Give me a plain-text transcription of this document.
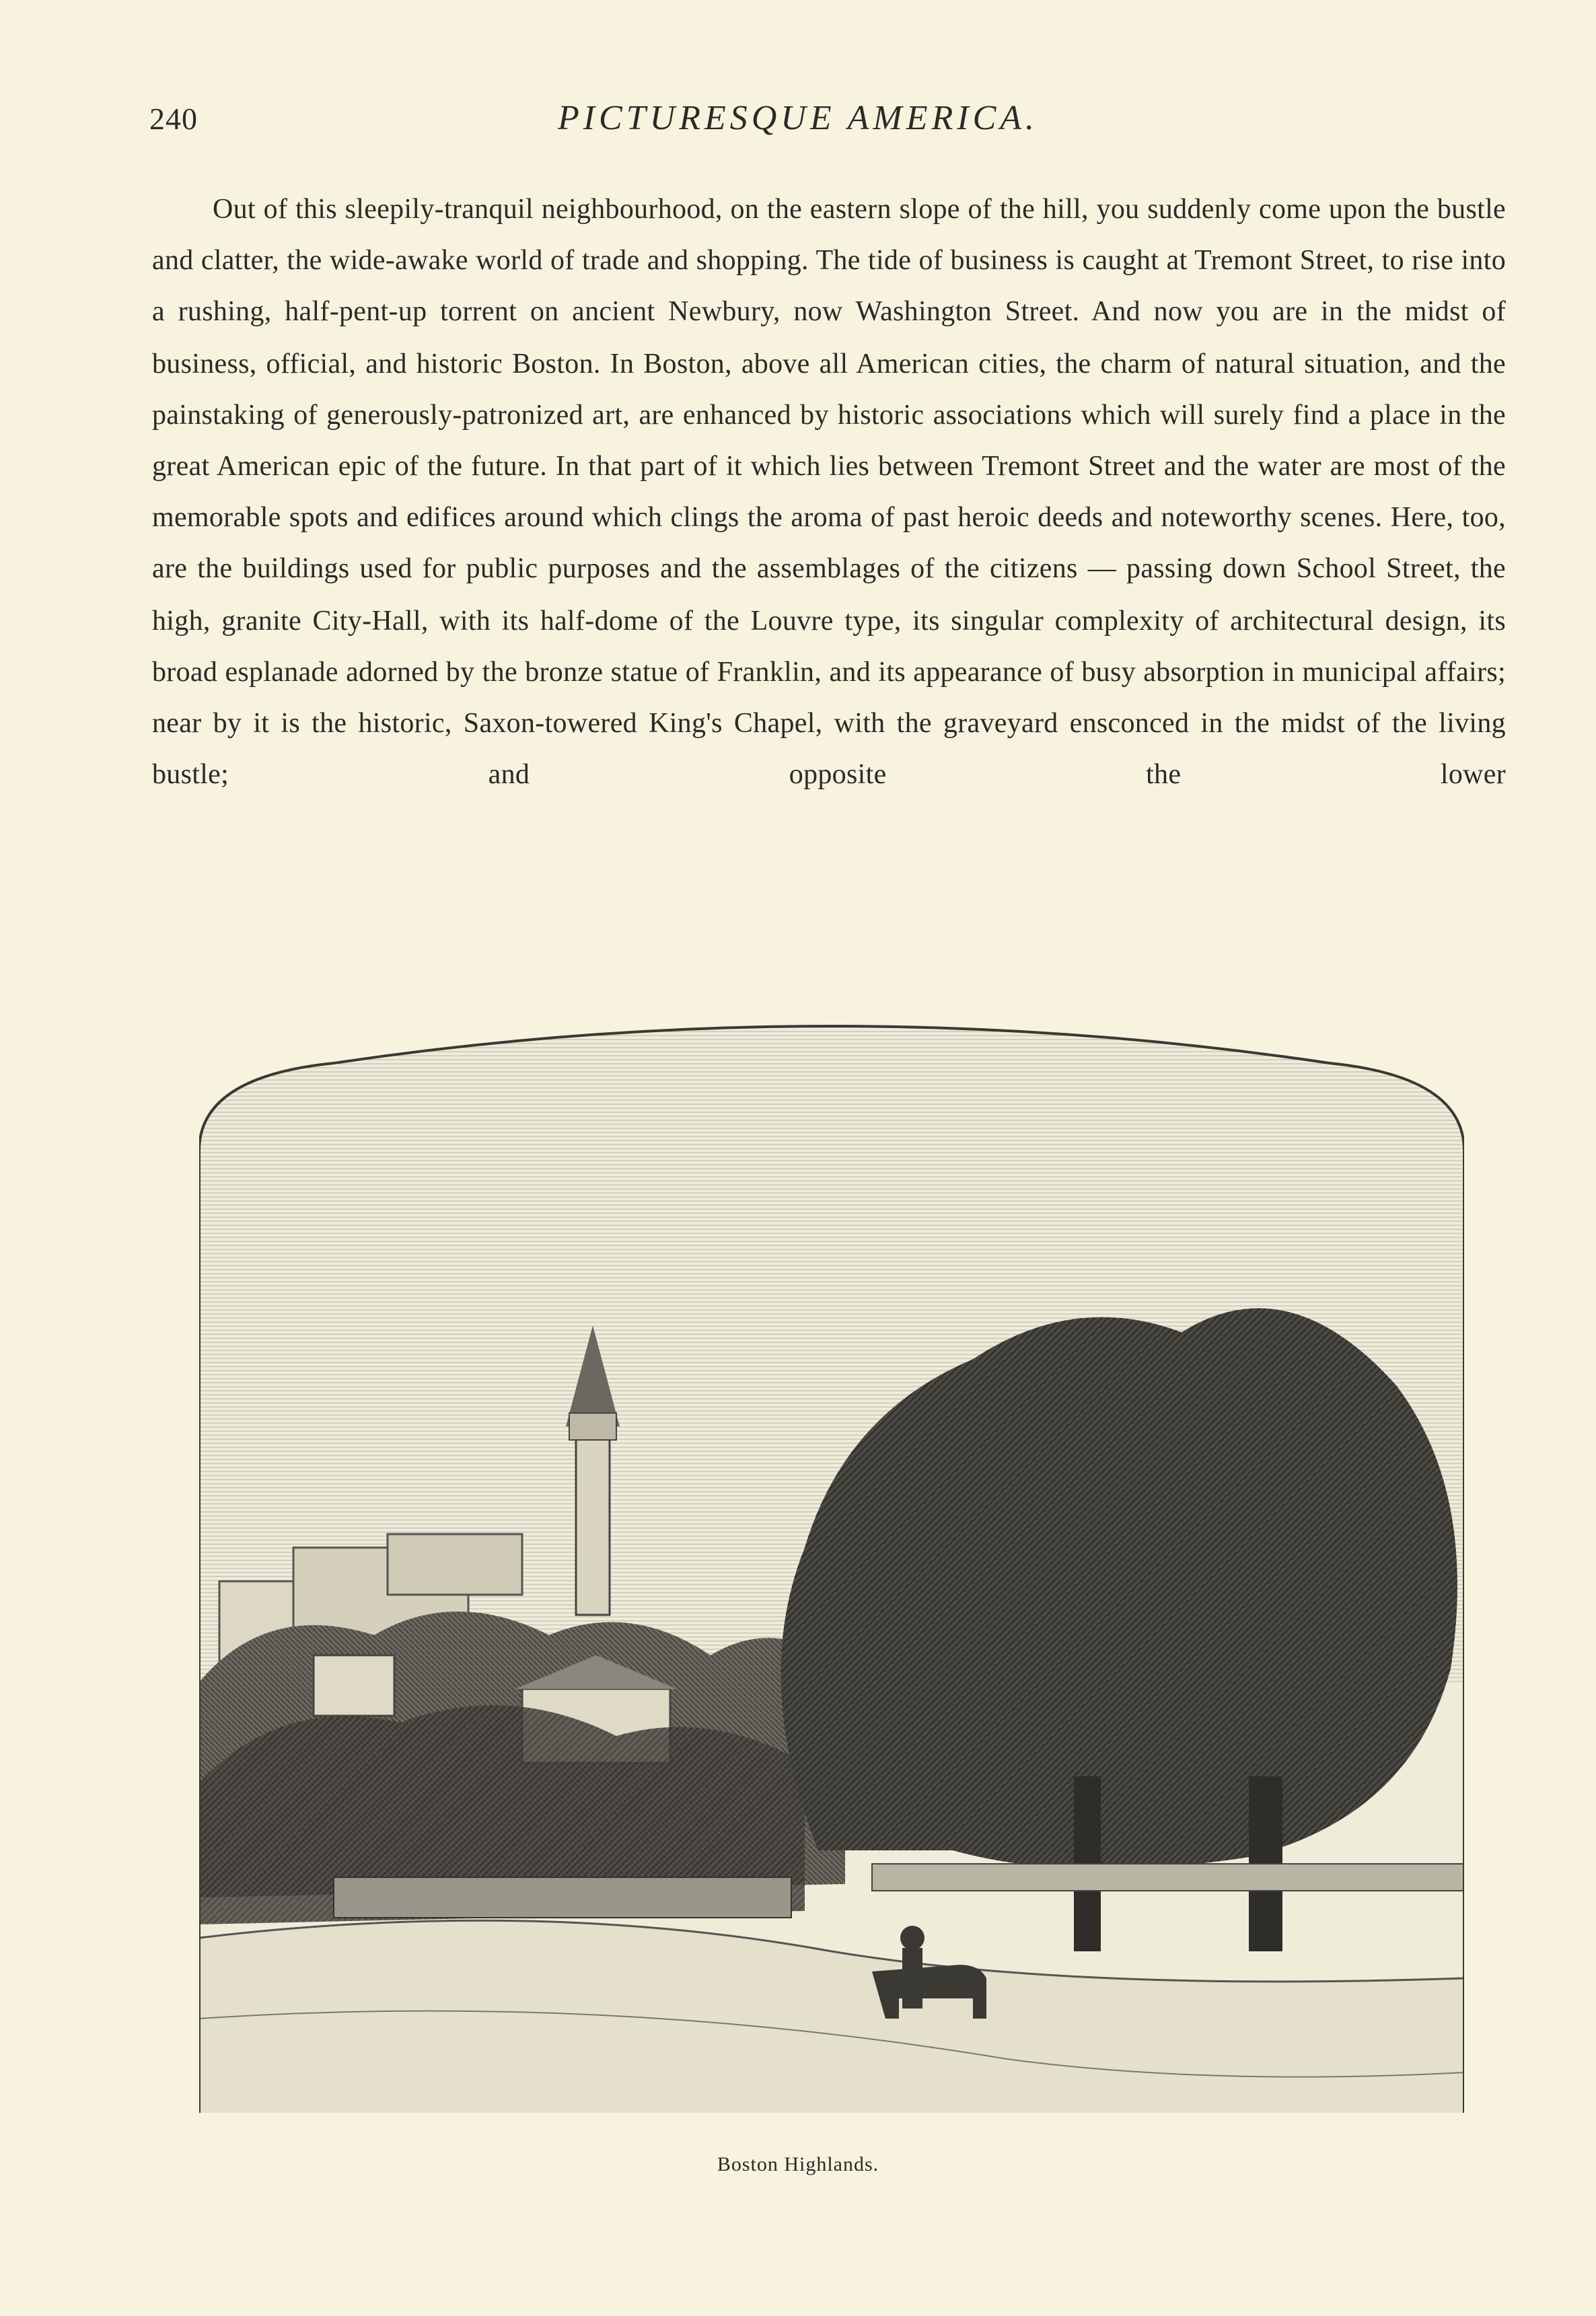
240	PICTURESQUE AMERICA.

Out of this sleepily-tranquil neighbourhood, on the eastern slope of the hill, you suddenly come upon the bustle and clatter, the wide-awake world of trade and shopping. The tide of business is caught at Tremont Street, to rise into a rushing, half-pent-up torrent on ancient Newbury, now Washington Street. And now you are in the midst of business, official, and historic Boston. In Boston, above all American cities, the charm of natural situation, and the painstaking of generously-patronized art, are enhanced by historic associations which will surely find a place in the great American epic of the future. In that part of it which lies between Tremont Street and the water are most of the memorable spots and edifices around which clings the aroma of past heroic deeds and noteworthy scenes. Here, too, are the buildings used for public purposes and the assemblages of the citizens — passing down School Street, the high, granite City-Hall, with its half-dome of the Louvre type, its singular complexity of architectural design, its broad esplanade adorned by the bronze statue of Franklin, and its appearance of busy absorption in municipal affairs; near by it is the historic, Saxon-towered King's Chapel, with the graveyard ensconced in the midst of the living bustle; and opposite the lower

Boston Highlands.
